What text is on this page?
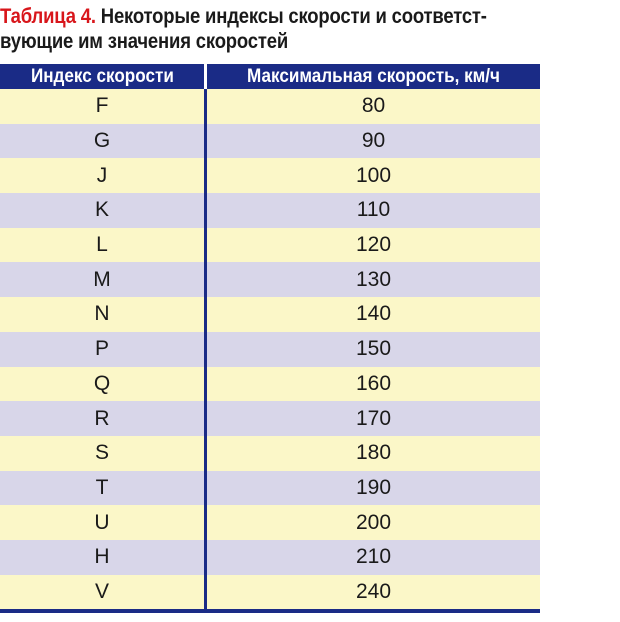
Таблица 4. Некоторые индексы скорости и соответст-вующие им значения скоростей
Индекс скорости	Максимальная скорость, км/ч
F	80
G	90
J	100
K	110
L	120
M	130
N	140
P	150
Q	160
R	170
S	180
T	190
U	200
H	210
V	240
